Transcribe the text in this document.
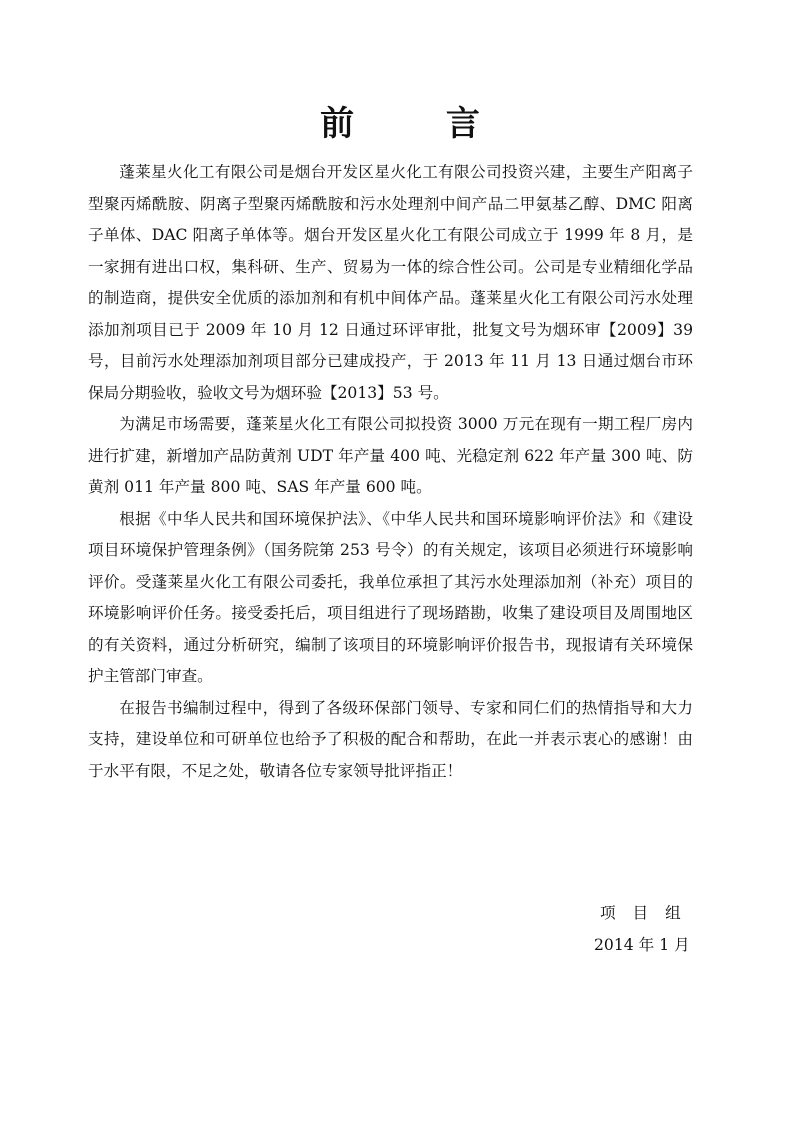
前 言

蓬莱星火化工有限公司是烟台开发区星火化工有限公司投资兴建，主要生产阳离子型聚丙烯酰胺、阴离子型聚丙烯酰胺和污水处理剂中间产品二甲氨基乙醇、DMC 阳离子单体、DAC 阳离子单体等。烟台开发区星火化工有限公司成立于 1999 年 8 月，是一家拥有进出口权，集科研、生产、贸易为一体的综合性公司。公司是专业精细化学品的制造商，提供安全优质的添加剂和有机中间体产品。蓬莱星火化工有限公司污水处理添加剂项目已于 2009 年 10 月 12 日通过环评审批，批复文号为烟环审【2009】39 号，目前污水处理添加剂项目部分已建成投产，于 2013 年 11 月 13 日通过烟台市环保局分期验收，验收文号为烟环验【2013】53 号。

为满足市场需要，蓬莱星火化工有限公司拟投资 3000 万元在现有一期工程厂房内进行扩建，新增加产品防黄剂 UDT 年产量 400 吨、光稳定剂 622 年产量 300 吨、防黄剂 011 年产量 800 吨、SAS 年产量 600 吨。

根据《中华人民共和国环境保护法》、《中华人民共和国环境影响评价法》和《建设项目环境保护管理条例》（国务院第 253 号令）的有关规定，该项目必须进行环境影响评价。受蓬莱星火化工有限公司委托，我单位承担了其污水处理添加剂（补充）项目的环境影响评价任务。接受委托后，项目组进行了现场踏勘，收集了建设项目及周围地区的有关资料，通过分析研究，编制了该项目的环境影响评价报告书，现报请有关环境保护主管部门审查。

在报告书编制过程中，得到了各级环保部门领导、专家和同仁们的热情指导和大力支持，建设单位和可研单位也给予了积极的配合和帮助，在此一并表示衷心的感谢！由于水平有限，不足之处，敬请各位专家领导批评指正！

项 目 组
2014 年 1 月
